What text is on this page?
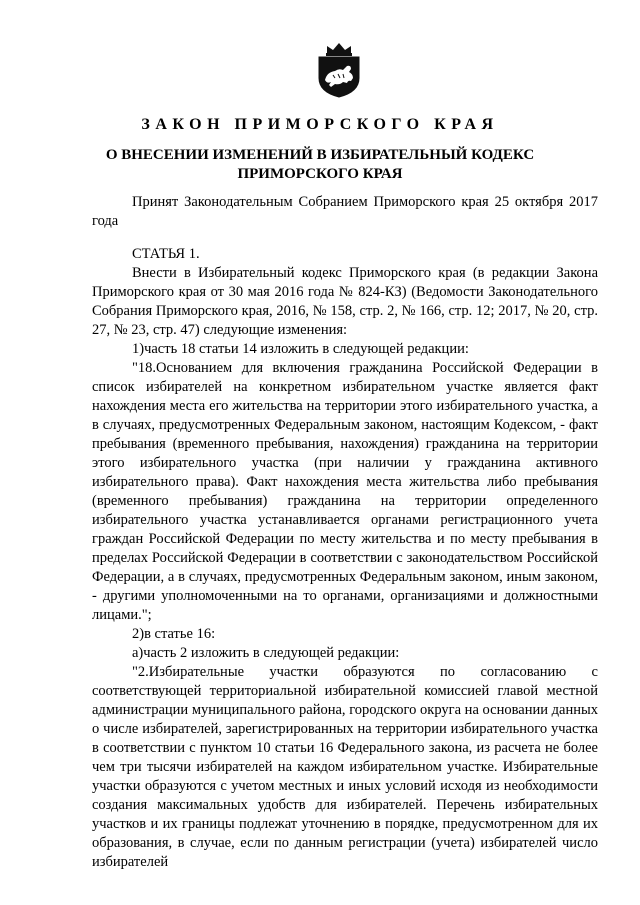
ЗАКОН ПРИМОРСКОГО КРАЯ
О ВНЕСЕНИИ ИЗМЕНЕНИЙ В ИЗБИРАТЕЛЬНЫЙ КОДЕКС
ПРИМОРСКОГО КРАЯ

Принят Законодательным Собранием Приморского края 25 октября 2017 года

СТАТЬЯ 1.

Внести в Избирательный кодекс Приморского края (в редакции Закона Приморского края от 30 мая 2016 года № 824-КЗ) (Ведомости Законодательного Собрания Приморского края, 2016, № 158, стр. 2, № 166, стр. 12; 2017, № 20, стр. 27, № 23, стр. 47) следующие изменения:

1)часть 18 статьи 14 изложить в следующей редакции:

"18.Основанием для включения гражданина Российской Федерации в список избирателей на конкретном избирательном участке является факт нахождения места его жительства на территории этого избирательного участка, а в случаях, предусмотренных Федеральным законом, настоящим Кодексом, - факт пребывания (временного пребывания, нахождения) гражданина на территории этого избирательного участка (при наличии у гражданина активного избирательного права). Факт нахождения места жительства либо пребывания (временного пребывания) гражданина на территории определенного избирательного участка устанавливается органами регистрационного учета граждан Российской Федерации по месту жительства и по месту пребывания в пределах Российской Федерации в соответствии с законодательством Российской Федерации, а в случаях, предусмотренных Федеральным законом, иным законом, - другими уполномоченными на то органами, организациями и должностными лицами.";

2)в статье 16:

а)часть 2 изложить в следующей редакции:

"2.Избирательные участки образуются по согласованию с соответствующей территориальной избирательной комиссией главой местной администрации муниципального района, городского округа на основании данных о числе избирателей, зарегистрированных на территории избирательного участка в соответствии с пунктом 10 статьи 16 Федерального закона, из расчета не более чем три тысячи избирателей на каждом избирательном участке. Избирательные участки образуются с учетом местных и иных условий исходя из необходимости создания максимальных удобств для избирателей. Перечень избирательных участков и их границы подлежат уточнению в порядке, предусмотренном для их образования, в случае, если по данным регистрации (учета) избирателей число избирателей
